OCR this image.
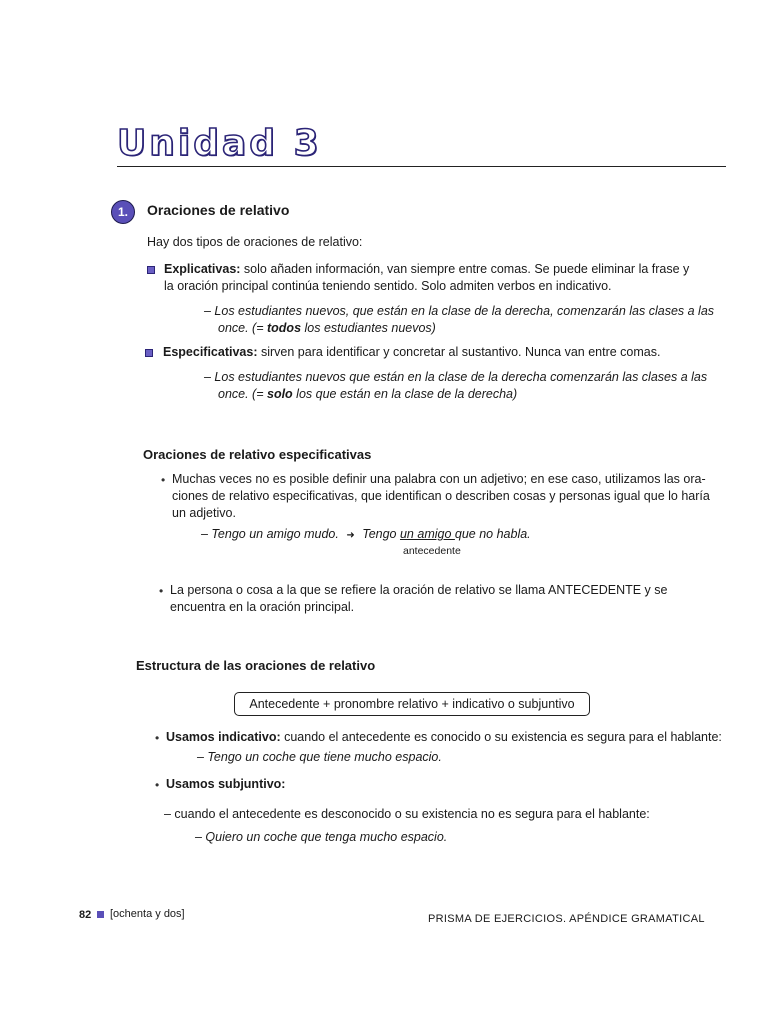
Unidad 3
1.	Oraciones de relativo
Hay dos tipos de oraciones de relativo:
Explicativas: solo añaden información, van siempre entre comas. Se puede eliminar la frase y
la oración principal continúa teniendo sentido. Solo admiten verbos en indicativo.
– Los estudiantes nuevos, que están en la clase de la derecha, comenzarán las clases a las
once. (= todos los estudiantes nuevos)
Especificativas: sirven para identificar y concretar al sustantivo. Nunca van entre comas.
– Los estudiantes nuevos que están en la clase de la derecha comenzarán las clases a las
once. (= solo los que están en la clase de la derecha)
Oraciones de relativo especificativas
• Muchas veces no es posible definir una palabra con un adjetivo; en ese caso, utilizamos las ora-
ciones de relativo especificativas, que identifican o describen cosas y personas igual que lo haría
un adjetivo.
– Tengo un amigo mudo. ➜ Tengo un amigo que no habla.
antecedente
• La persona o cosa a la que se refiere la oración de relativo se llama ANTECEDENTE y se
encuentra en la oración principal.
Estructura de las oraciones de relativo
Antecedente + pronombre relativo + indicativo o subjuntivo
• Usamos indicativo: cuando el antecedente es conocido o su existencia es segura para el hablante:
– Tengo un coche que tiene mucho espacio.
• Usamos subjuntivo:
– cuando el antecedente es desconocido o su existencia no es segura para el hablante:
– Quiero un coche que tenga mucho espacio.
82 [ochenta y dos]	PRISMA DE EJERCICIOS. APÉNDICE GRAMATICAL
